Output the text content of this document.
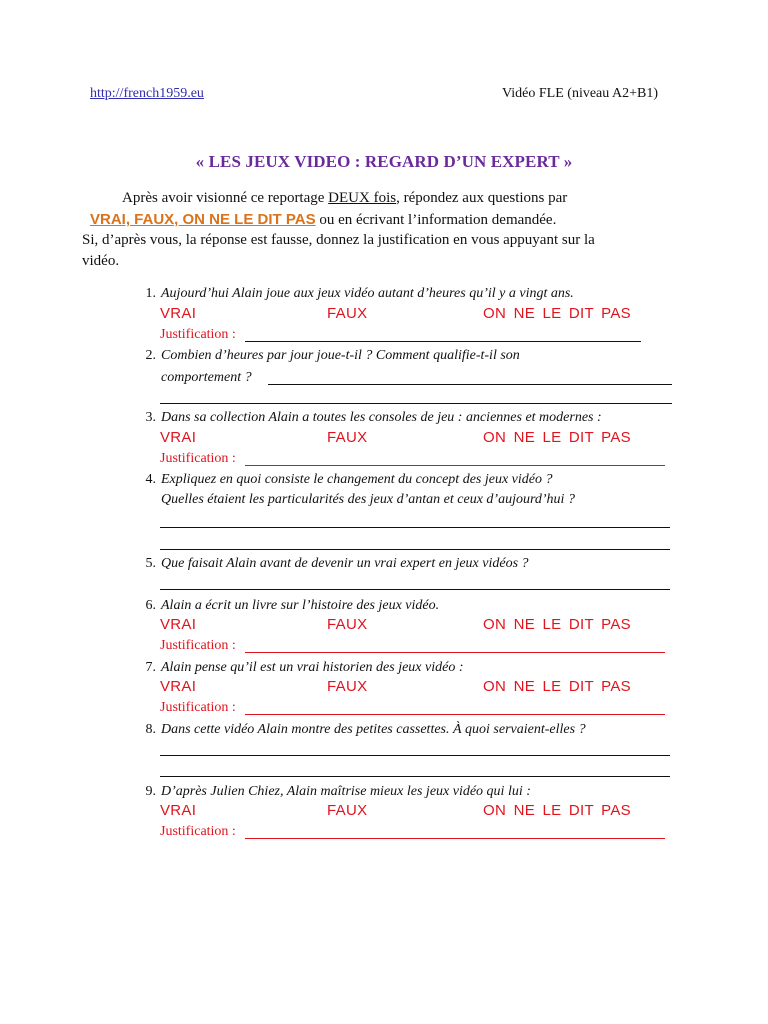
http://french1959.eu	Vidéo FLE (niveau A2+B1)
« LES JEUX VIDEO : REGARD D’UN EXPERT »
Après avoir visionné ce reportage DEUX fois, répondez aux questions par
VRAI, FAUX, ON NE LE DIT PAS ou en écrivant l’information demandée.
Si, d’après vous, la réponse est fausse, donnez la justification en vous appuyant sur la
vidéo.
1. Aujourd’hui Alain joue aux jeux vidéo autant d’heures qu’il y a vingt ans.
VRAI	FAUX	ON NE LE DIT PAS
Justification :
2. Combien d’heures par jour joue-t-il ? Comment qualifie-t-il son
comportement ?
3. Dans sa collection Alain a toutes les consoles de jeu : anciennes et modernes :
VRAI	FAUX	ON NE LE DIT PAS
Justification :
4. Expliquez en quoi consiste le changement du concept des jeux vidéo ?
Quelles étaient les particularités des jeux d’antan et ceux d’aujourd’hui ?
5. Que faisait Alain avant de devenir un vrai expert en jeux vidéos ?
6. Alain a écrit un livre sur l’histoire des jeux vidéo.
VRAI	FAUX	ON NE LE DIT PAS
Justification :
7. Alain pense qu’il est un vrai historien des jeux vidéo :
VRAI	FAUX	ON NE LE DIT PAS
Justification :
8. Dans cette vidéo Alain montre des petites cassettes. À quoi servaient-elles ?
9. D’après Julien Chiez, Alain maîtrise mieux les jeux vidéo qui lui :
VRAI	FAUX	ON NE LE DIT PAS
Justification :
